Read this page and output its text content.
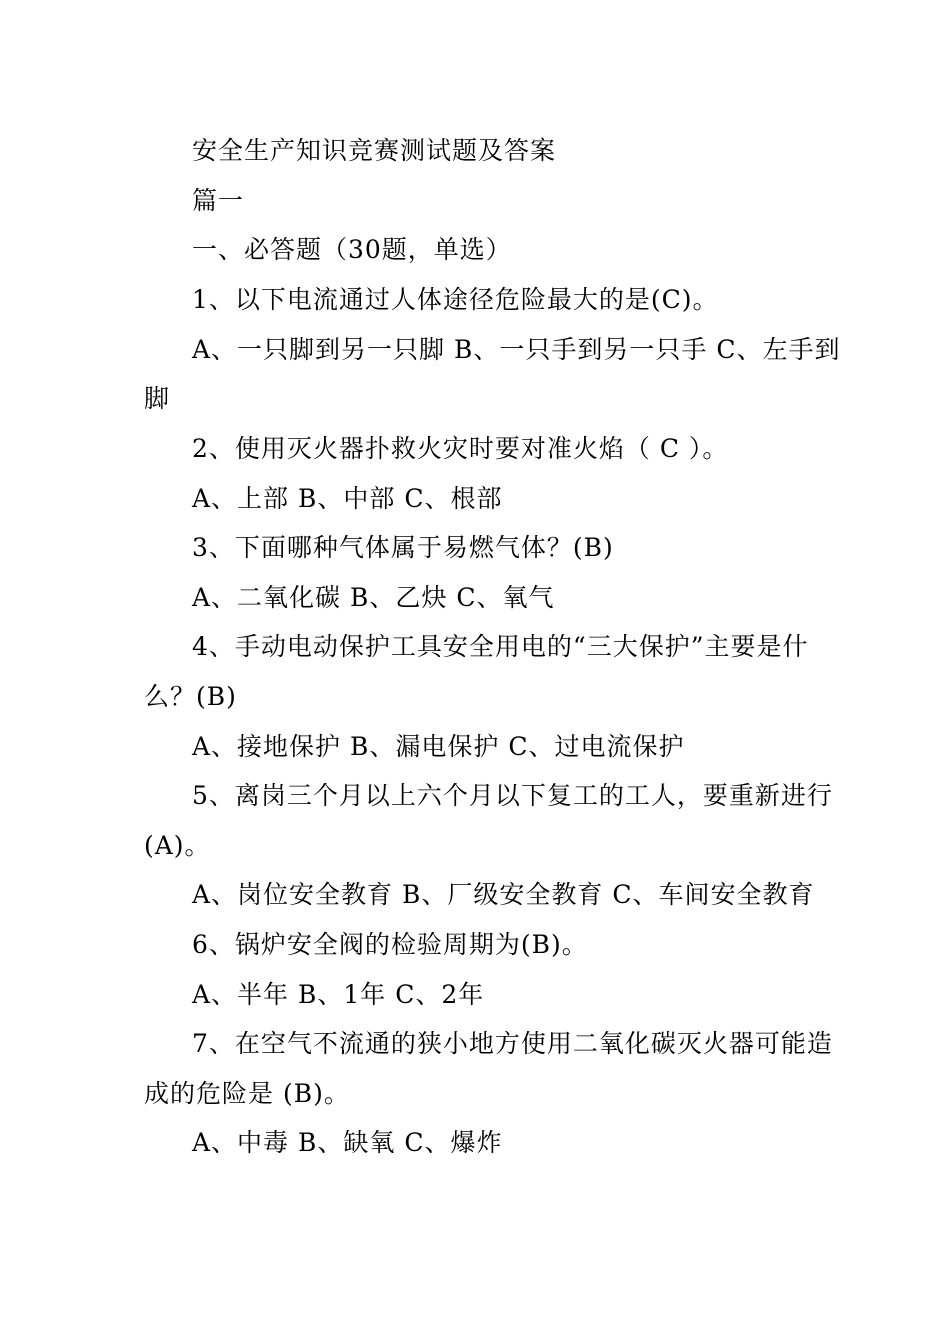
安全生产知识竞赛测试题及答案
篇一
一、必答题（30题，单选）
1、以下电流通过人体途径危险最大的是(C)。
A、一只脚到另一只脚 B、一只手到另一只手 C、左手到
脚
2、使用灭火器扑救火灾时要对准火焰（ C ）。
A、上部 B、中部 C、根部
3、下面哪种气体属于易燃气体？(B)
A、二氧化碳 B、乙炔 C、氧气
4、手动电动保护工具安全用电的“三大保护”主要是什
么？(B)
A、接地保护 B、漏电保护 C、过电流保护
5、离岗三个月以上六个月以下复工的工人，要重新进行
(A)。
A、岗位安全教育 B、厂级安全教育 C、车间安全教育
6、锅炉安全阀的检验周期为(B)。
A、半年 B、1年 C、2年
7、在空气不流通的狭小地方使用二氧化碳灭火器可能造
成的危险是 (B)。
A、中毒 B、缺氧 C、爆炸
